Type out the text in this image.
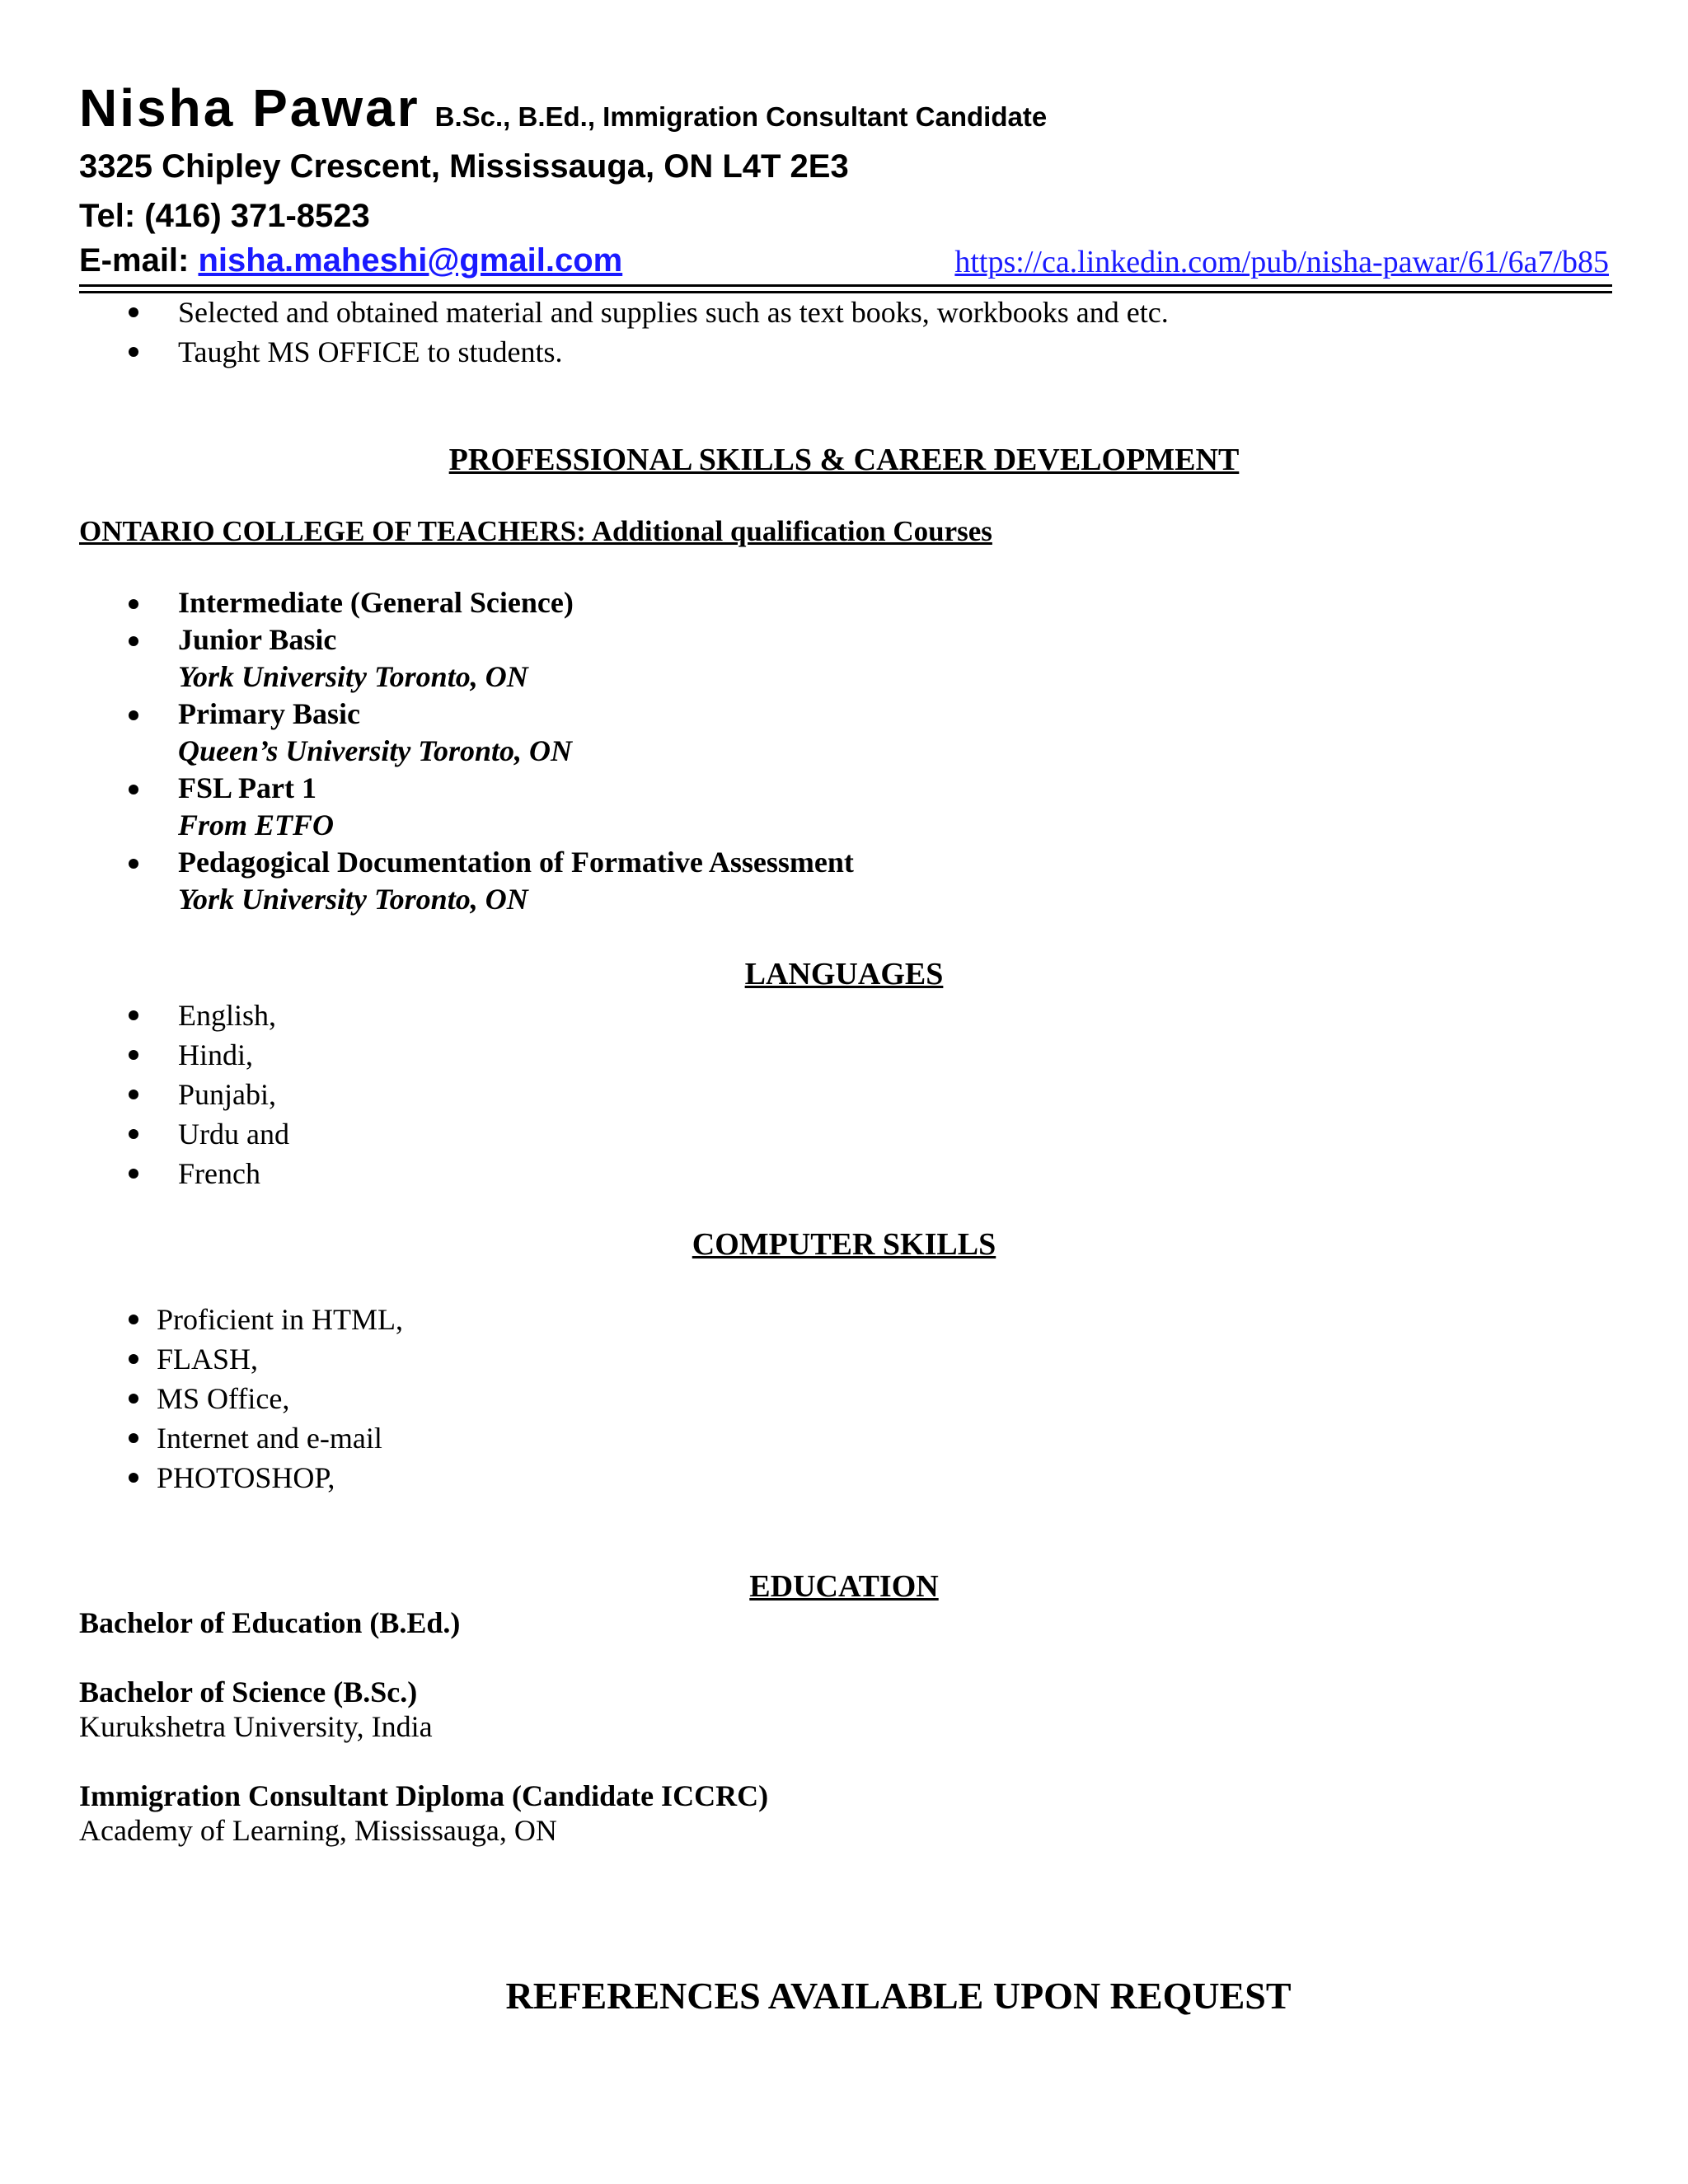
Nisha Pawar B.Sc., B.Ed., Immigration Consultant Candidate
3325 Chipley Crescent, Mississauga, ON L4T 2E3
Tel: (416) 371-8523
E-mail: nisha.maheshi@gmail.com	https://ca.linkedin.com/pub/nisha-pawar/61/6a7/b85
Selected and obtained material and supplies such as text books, workbooks and etc.
Taught MS OFFICE to students.
PROFESSIONAL SKILLS & CAREER DEVELOPMENT
ONTARIO COLLEGE OF TEACHERS: Additional qualification Courses
Intermediate (General Science)
Junior Basic
York University Toronto, ON
Primary Basic
Queen’s University Toronto, ON
FSL Part 1
From ETFO
Pedagogical Documentation of Formative Assessment
York University Toronto, ON
LANGUAGES
English,
Hindi,
Punjabi,
Urdu and
French
COMPUTER SKILLS
Proficient in HTML,
FLASH,
MS Office,
Internet and e-mail
PHOTOSHOP,
EDUCATION
Bachelor of Education (B.Ed.)
Bachelor of Science (B.Sc.)
Kurukshetra University, India
Immigration Consultant Diploma (Candidate ICCRC)
Academy of Learning, Mississauga, ON
REFERENCES AVAILABLE UPON REQUEST
